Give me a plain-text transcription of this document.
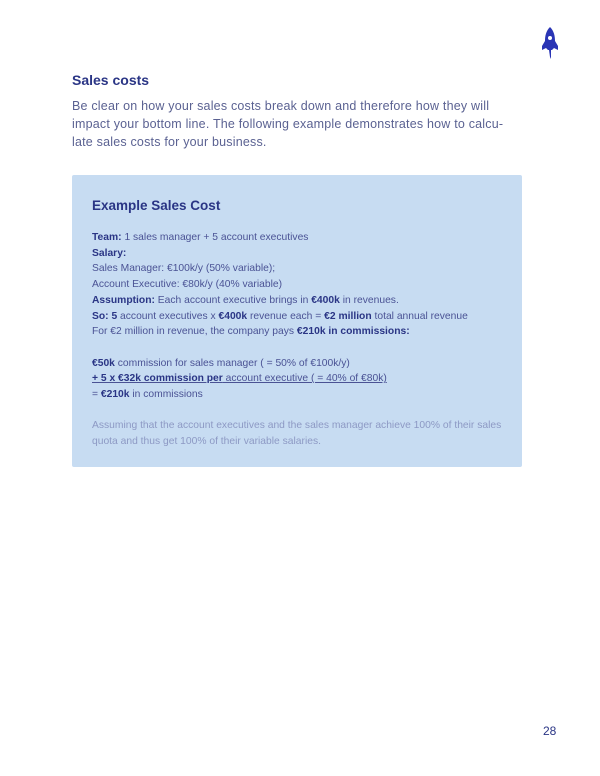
Sales costs

Be clear on how your sales costs break down and therefore how they will impact your bottom line. The following example demonstrates how to calcu-late sales costs for your business.

Example Sales Cost
Team: 1 sales manager + 5 account executives
Salary:
Sales Manager: €100k/y (50% variable);
Account Executive: €80k/y (40% variable)
Assumption: Each account executive brings in €400k in revenues.
So: 5 account executives x €400k revenue each = €2 million total annual revenue
For €2 million in revenue, the company pays €210k in commissions:
€50k commission for sales manager ( = 50% of €100k/y)
+ 5 x €32k commission per account executive ( = 40% of €80k)
= €210k in commissions
Assuming that the account executives and the sales manager achieve 100% of their sales quota and thus get 100% of their variable salaries.
28
